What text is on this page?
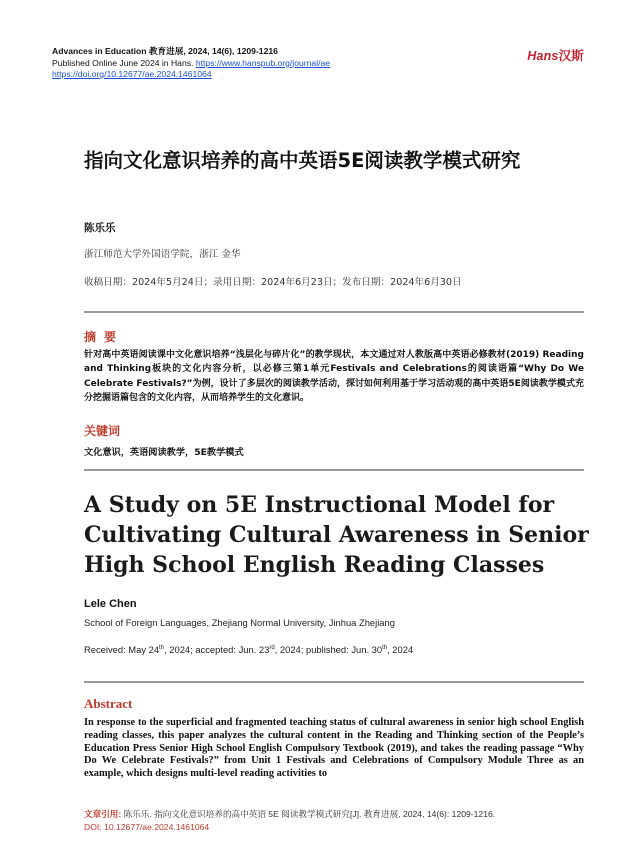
Advances in Education 教育进展, 2024, 14(6), 1209-1216
Published Online June 2024 in Hans. https://www.hanspub.org/journal/ae
https://doi.org/10.12677/ae.2024.1461064
Hans汉斯
指向文化意识培养的高中英语5E阅读教学模式研究
陈乐乐
浙江师范大学外国语学院，浙江 金华
收稿日期：2024年5月24日；录用日期：2024年6月23日；发布日期：2024年6月30日
摘要
针对高中英语阅读课中文化意识培养“浅层化与碎片化”的教学现状，本文通过对人教版高中英语必修教材(2019) Reading and Thinking板块的文化内容分析，以必修三第1单元Festivals and Celebrations的阅读语篇“Why Do We Celebrate Festivals?”为例，设计了多层次的阅读教学活动，探讨如何利用基于学习活动观的高中英语5E阅读教学模式充分挖掘语篇包含的文化内容，从而培养学生的文化意识。
关键词
文化意识，英语阅读教学，5E教学模式
A Study on 5E Instructional Model for Cultivating Cultural Awareness in Senior High School English Reading Classes
Lele Chen
School of Foreign Languages, Zhejiang Normal University, Jinhua Zhejiang
Received: May 24th, 2024; accepted: Jun. 23rd, 2024; published: Jun. 30th, 2024
Abstract
In response to the superficial and fragmented teaching status of cultural awareness in senior high school English reading classes, this paper analyzes the cultural content in the Reading and Thinking section of the People’s Education Press Senior High School English Compulsory Textbook (2019), and takes the reading passage “Why Do We Celebrate Festivals?” from Unit 1 Festivals and Celebrations of Compulsory Module Three as an example, which designs multi-level reading activities to
文章引用: 陈乐乐. 指向文化意识培养的高中英语 5E 阅读教学模式研究[J]. 教育进展, 2024, 14(6): 1209-1216.
DOI: 10.12677/ae.2024.1461064
